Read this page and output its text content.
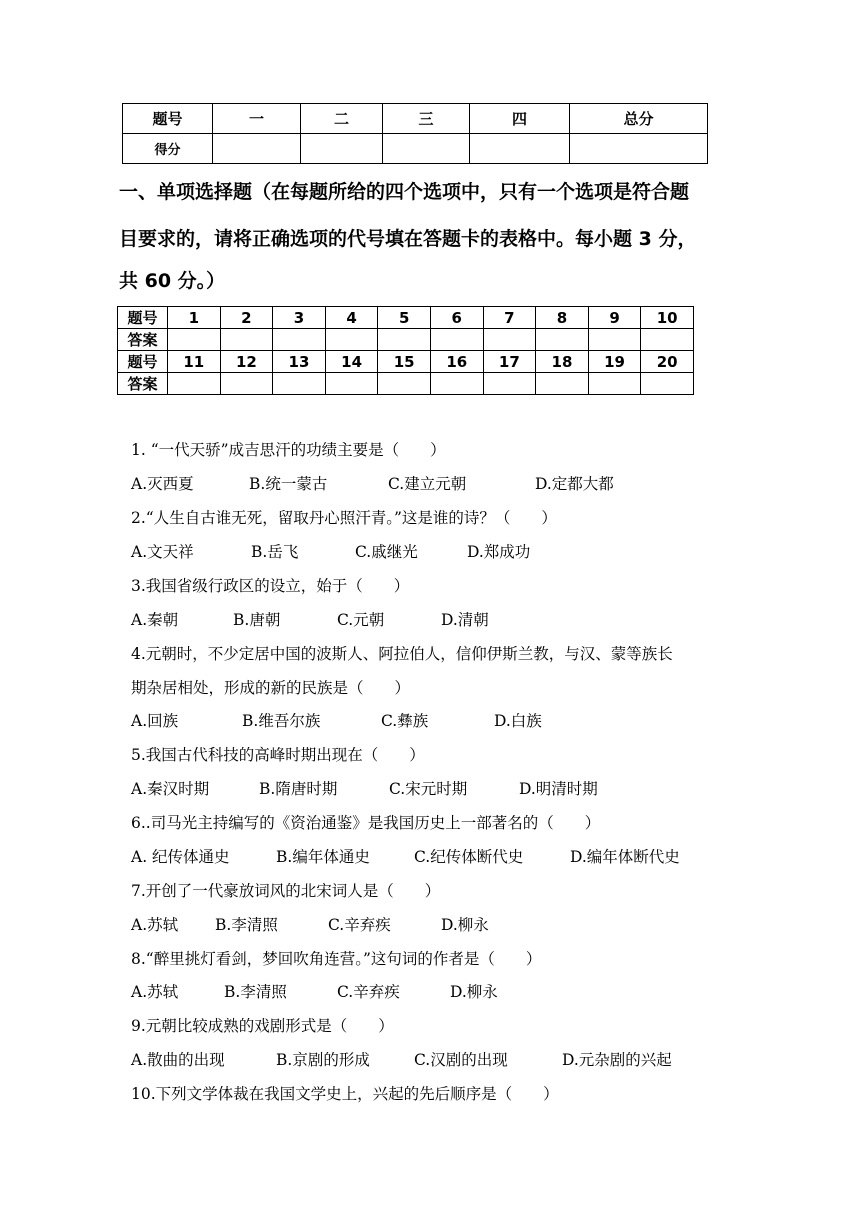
题号	一	二	三	四	总分
得分					
一、单项选择题（在每题所给的四个选项中，只有一个选项是符合题
目要求的，请将正确选项的代号填在答题卡的表格中。每小题 3 分，
共 60 分。）
题号	1	2	3	4	5	6	7	8	9	10
答案										
题号	11	12	13	14	15	16	17	18	19	20
答案										
1. “一代天骄”成吉思汗的功绩主要是（　　）
A.灭西夏	B.统一蒙古	C.建立元朝	D.定都大都
2.“人生自古谁无死，留取丹心照汗青。”这是谁的诗？（　　）
A.文天祥	B.岳飞	C.戚继光	D.郑成功
3.我国省级行政区的设立，始于（　　）
A.秦朝	B.唐朝	C.元朝	D.清朝
4.元朝时，不少定居中国的波斯人、阿拉伯人，信仰伊斯兰教，与汉、蒙等族长
期杂居相处，形成的新的民族是（　　）
A.回族	B.维吾尔族	C.彝族	D.白族
5.我国古代科技的高峰时期出现在（　　）
A.秦汉时期	B.隋唐时期	C.宋元时期	D.明清时期
6..司马光主持编写的《资治通鉴》是我国历史上一部著名的（　　）
A. 纪传体通史	B.编年体通史	C.纪传体断代史	D.编年体断代史
7.开创了一代豪放词风的北宋词人是（　　）
A.苏轼 B.李清照	C.辛弃疾	D.柳永
8.“醉里挑灯看剑，梦回吹角连营。”这句词的作者是（　　）
A.苏轼	B.李清照	C.辛弃疾	D.柳永
9.元朝比较成熟的戏剧形式是（　　）
A.散曲的出现	B.京剧的形成	C.汉剧的出现	D.元杂剧的兴起
10.下列文学体裁在我国文学史上，兴起的先后顺序是（　　）
